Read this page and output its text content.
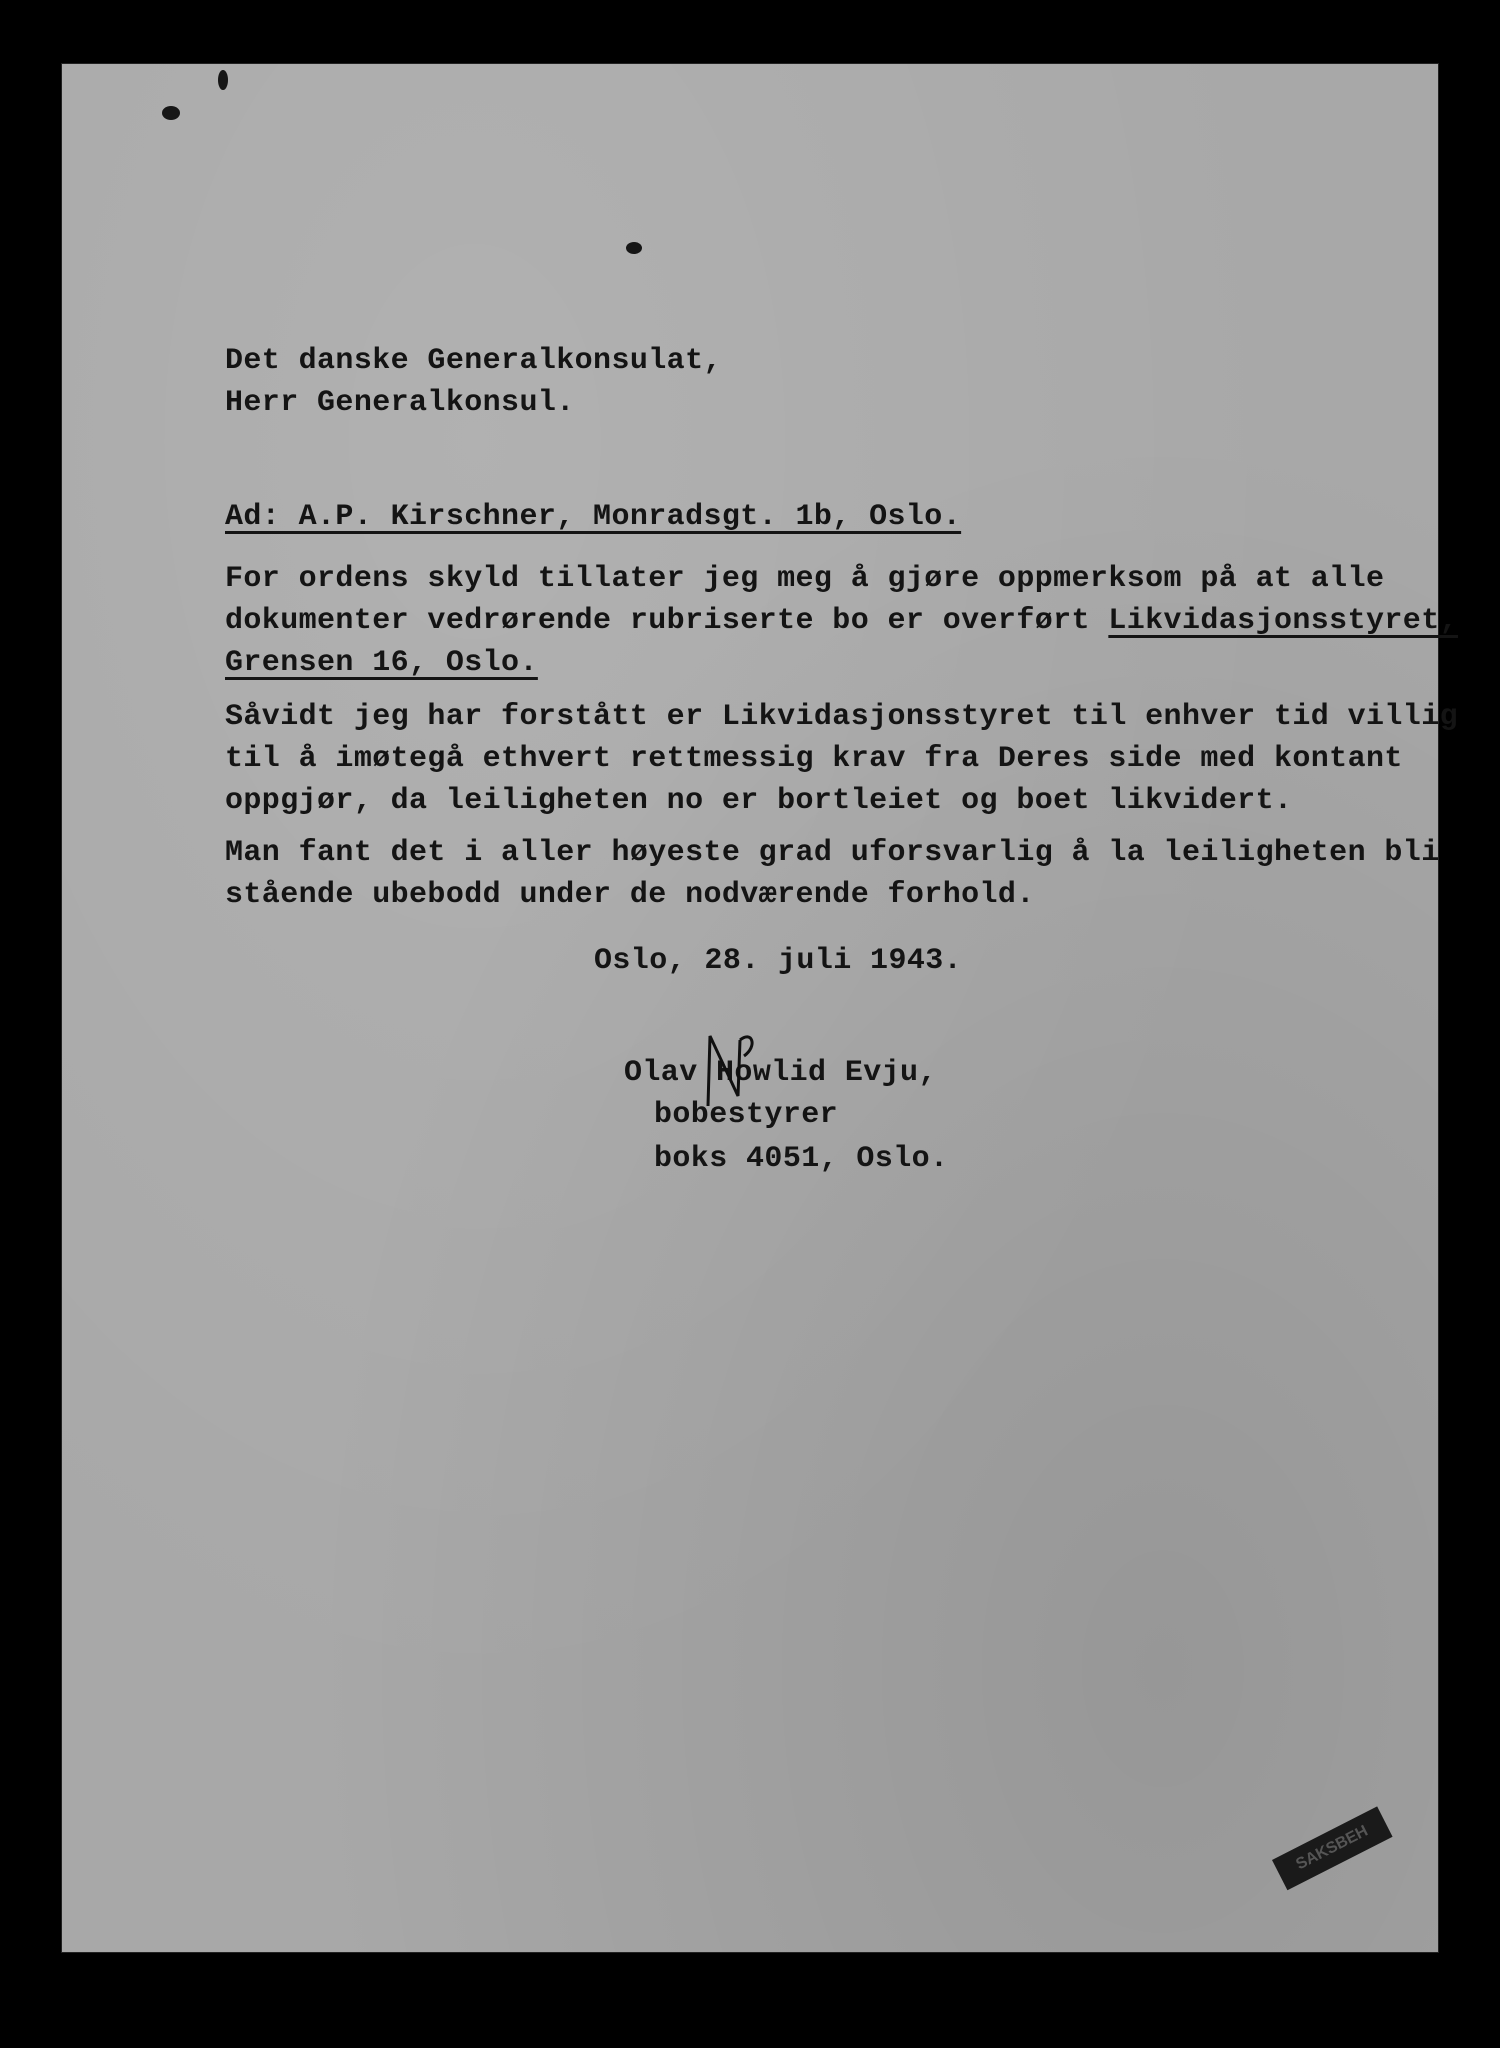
Det danske Generalkonsulat,
Herr Generalkonsul.
Ad: A.P. Kirschner, Monradsgt. 1b, Oslo.
For ordens skyld tillater jeg meg å gjøre oppmerksom på at alle
dokumenter vedrørende rubriserte bo er overført Likvidasjonsstyret,
Grensen 16, Oslo.
Såvidt jeg har forstått er Likvidasjonsstyret til enhver tid villig
til å imøtegå ethvert rettmessig krav fra Deres side med kontant
oppgjør, da leiligheten no er bortleiet og boet likvidert.
Man fant det i aller høyeste grad uforsvarlig å la leiligheten bli
stående ubebodd under de nodværende forhold.
Oslo, 28. juli 1943.
Olav Howlid Evju,
bobestyrer
boks 4051, Oslo.
SAKSBEH
